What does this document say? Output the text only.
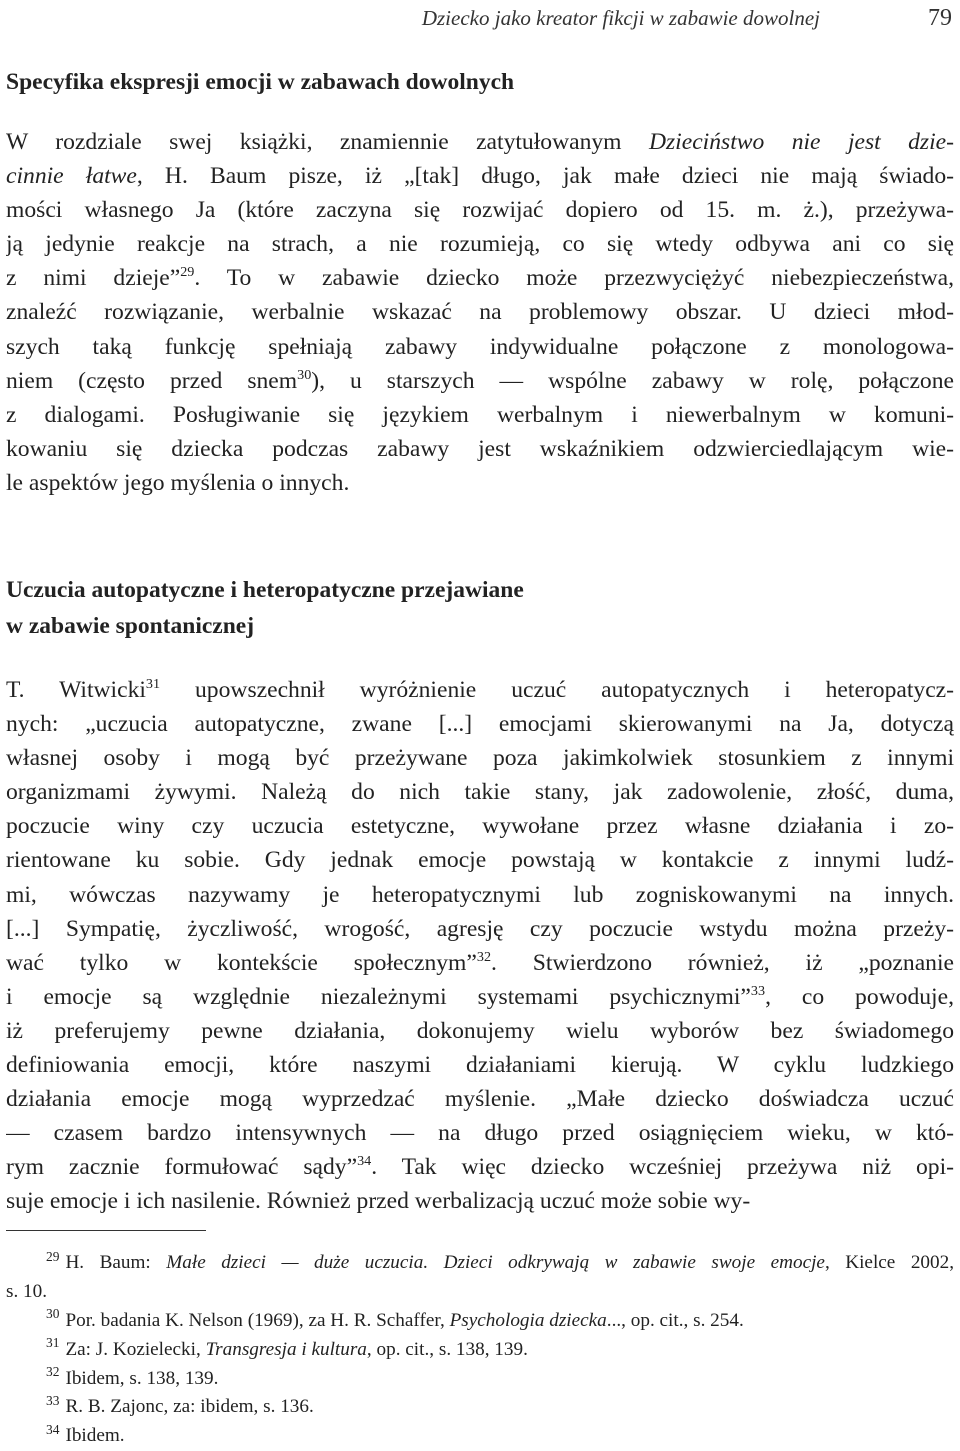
Dziecko jako kreator fikcji w zabawie dowolnej	79
Specyfika ekspresji emocji w zabawach dowolnych
W rozdziale swej książki, znamiennie zatytułowanym Dzieciństwo nie jest dzie-
cinnie łatwe, H. Baum pisze, iż „[tak] długo, jak małe dzieci nie mają świado-
mości własnego Ja (które zaczyna się rozwijać dopiero od 15. m. ż.), przeżywa-
ją jedynie reakcje na strach, a nie rozumieją, co się wtedy odbywa ani co się
z nimi dzieje”$^{29}$. To w zabawie dziecko może przezwyciężyć niebezpieczeństwa,
znaleźć rozwiązanie, werbalnie wskazać na problemowy obszar. U dzieci młod-
szych taką funkcję spełniają zabawy indywidualne połączone z monologowa-
niem (często przed snem$^{30}$), u starszych — wspólne zabawy w rolę, połączone
z dialogami. Posługiwanie się językiem werbalnym i niewerbalnym w komuni-
kowaniu się dziecka podczas zabawy jest wskaźnikiem odzwierciedlającym wie-
le aspektów jego myślenia o innych.
Uczucia autopatyczne i heteropatyczne przejawiane
w zabawie spontanicznej
T. Witwicki$^{31}$ upowszechnił wyróżnienie uczuć autopatycznych i heteropatycz-
nych: „uczucia autopatyczne, zwane [...] emocjami skierowanymi na Ja, dotyczą
własnej osoby i mogą być przeżywane poza jakimkolwiek stosunkiem z innymi
organizmami żywymi. Należą do nich takie stany, jak zadowolenie, złość, duma,
poczucie winy czy uczucia estetyczne, wywołane przez własne działania i zo-
rientowane ku sobie. Gdy jednak emocje powstają w kontakcie z innymi ludź-
mi, wówczas nazywamy je heteropatycznymi lub zogniskowanymi na innych.
[...] Sympatię, życzliwość, wrogość, agresję czy poczucie wstydu można przeży-
wać tylko w kontekście społecznym”$^{32}$. Stwierdzono również, iż „poznanie
i emocje są względnie niezależnymi systemami psychicznymi”$^{33}$, co powoduje,
iż preferujemy pewne działania, dokonujemy wielu wyborów bez świadomego
definiowania emocji, które naszymi działaniami kierują. W cyklu ludzkiego
działania emocje mogą wyprzedzać myślenie. „Małe dziecko doświadcza uczuć
— czasem bardzo intensywnych — na długo przed osiągnięciem wieku, w któ-
rym zacznie formułować sądy”$^{34}$. Tak więc dziecko wcześniej przeżywa niż opi-
suje emocje i ich nasilenie. Również przed werbalizacją uczuć może sobie wy-
$^{29}$ H. Baum: Małe dzieci — duże uczucia. Dzieci odkrywają w zabawie swoje emocje, Kielce 2002,
s. 10.
$^{30}$ Por. badania K. Nelson (1969), za H. R. Schaffer, Psychologia dziecka..., op. cit., s. 254.
$^{31}$ Za: J. Kozielecki, Transgresja i kultura, op. cit., s. 138, 139.
$^{32}$ Ibidem, s. 138, 139.
$^{33}$ R. B. Zajonc, za: ibidem, s. 136.
$^{34}$ Ibidem.
